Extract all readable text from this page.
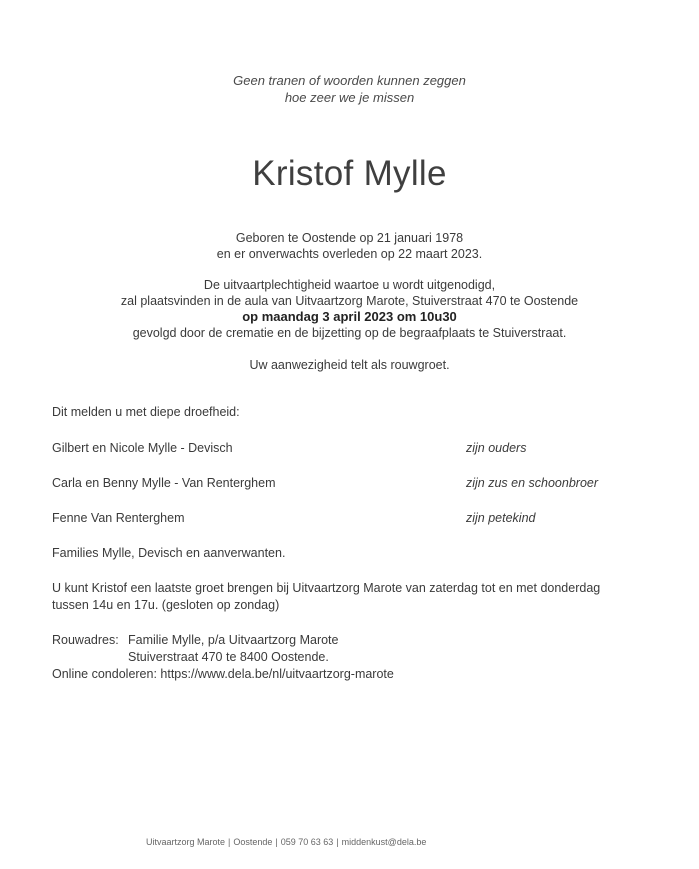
Geen tranen of woorden kunnen zeggen
hoe zeer we je missen
Kristof Mylle
Geboren te Oostende op 21 januari 1978
en er onverwachts overleden op 22 maart 2023.
De uitvaartplechtigheid waartoe u wordt uitgenodigd,
zal plaatsvinden in de aula van Uitvaartzorg Marote, Stuiverstraat 470 te Oostende
op maandag 3 april 2023 om 10u30
gevolgd door de crematie en de bijzetting op de begraafplaats te Stuiverstraat.
Uw aanwezigheid telt als rouwgroet.
Dit melden u met diepe droefheid:
Gilbert en Nicole Mylle - Devisch	zijn ouders
Carla en Benny Mylle - Van Renterghem	zijn zus en schoonbroer
Fenne Van Renterghem	zijn petekind
Families Mylle, Devisch en aanverwanten.
U kunt Kristof een laatste groet brengen bij Uitvaartzorg Marote van zaterdag tot en met donderdag
tussen 14u en 17u. (gesloten op zondag)
Rouwadres: Familie Mylle, p/a Uitvaartzorg Marote
Stuiverstraat 470 te 8400 Oostende.
Online condoleren: https://www.dela.be/nl/uitvaartzorg-marote
Uitvaartzorg Marote | Oostende | 059 70 63 63 | middenkust@dela.be
